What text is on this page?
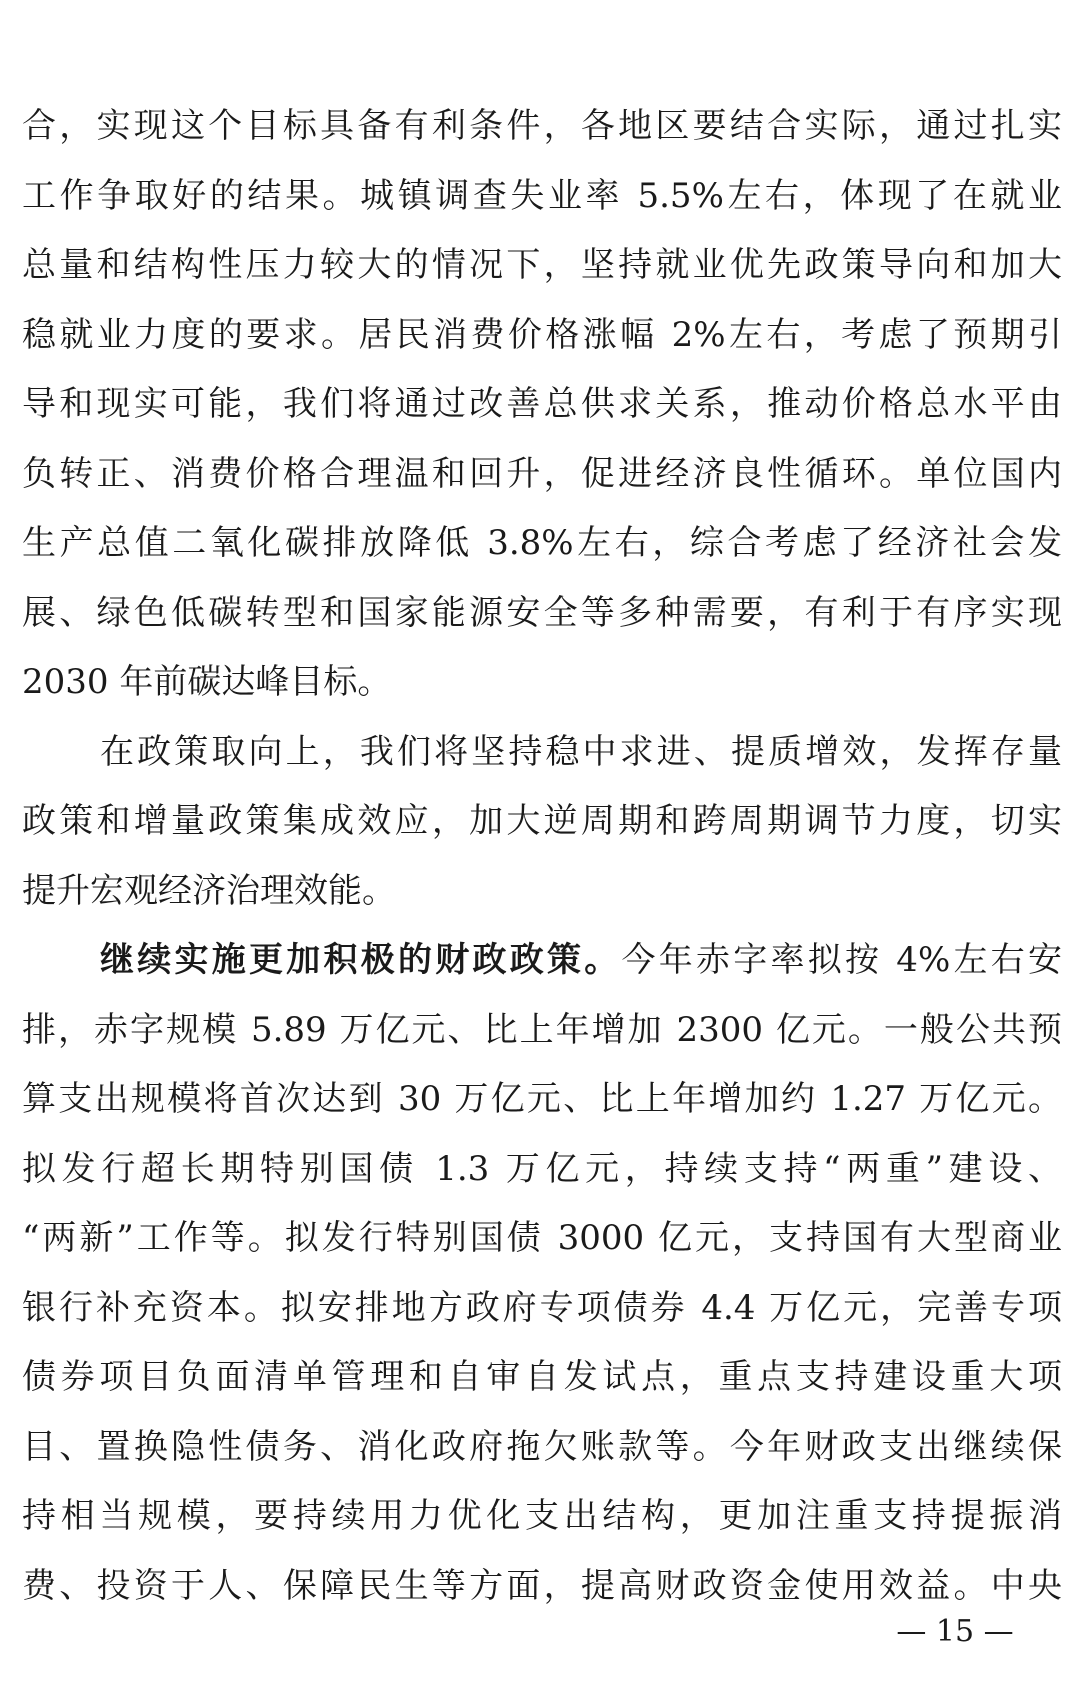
合，实现这个目标具备有利条件，各地区要结合实际，通过扎实
工作争取好的结果。城镇调查失业率 5.5%左右，体现了在就业
总量和结构性压力较大的情况下，坚持就业优先政策导向和加大
稳就业力度的要求。居民消费价格涨幅 2%左右，考虑了预期引
导和现实可能，我们将通过改善总供求关系，推动价格总水平由
负转正、消费价格合理温和回升，促进经济良性循环。单位国内
生产总值二氧化碳排放降低 3.8%左右，综合考虑了经济社会发
展、绿色低碳转型和国家能源安全等多种需要，有利于有序实现
2030 年前碳达峰目标。
在政策取向上，我们将坚持稳中求进、提质增效，发挥存量
政策和增量政策集成效应，加大逆周期和跨周期调节力度，切实
提升宏观经济治理效能。
继续实施更加积极的财政政策。今年赤字率拟按 4%左右安
排，赤字规模 5.89 万亿元、比上年增加 2300 亿元。一般公共预
算支出规模将首次达到 30 万亿元、比上年增加约 1.27 万亿元。
拟发行超长期特别国债 1.3 万亿元，持续支持“两重”建设、
“两新”工作等。拟发行特别国债 3000 亿元，支持国有大型商业
银行补充资本。拟安排地方政府专项债券 4.4 万亿元，完善专项
债券项目负面清单管理和自审自发试点，重点支持建设重大项
目、置换隐性债务、消化政府拖欠账款等。今年财政支出继续保
持相当规模，要持续用力优化支出结构，更加注重支持提振消
费、投资于人、保障民生等方面，提高财政资金使用效益。中央
— 15 —
